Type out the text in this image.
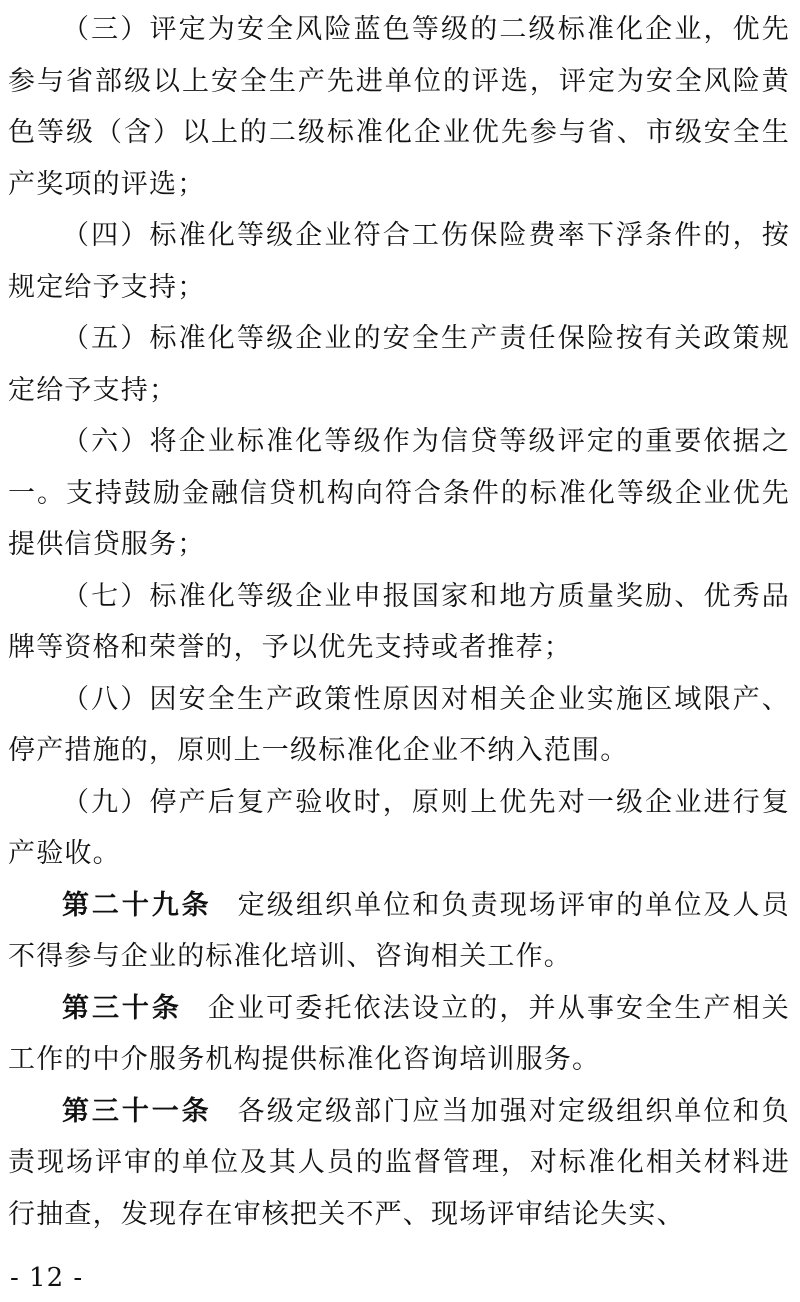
（三）评定为安全风险蓝色等级的二级标准化企业，优先参与省部级以上安全生产先进单位的评选，评定为安全风险黄色等级（含）以上的二级标准化企业优先参与省、市级安全生产奖项的评选；

（四）标准化等级企业符合工伤保险费率下浮条件的，按规定给予支持；

（五）标准化等级企业的安全生产责任保险按有关政策规定给予支持；

（六）将企业标准化等级作为信贷等级评定的重要依据之一。支持鼓励金融信贷机构向符合条件的标准化等级企业优先提供信贷服务；

（七）标准化等级企业申报国家和地方质量奖励、优秀品牌等资格和荣誉的，予以优先支持或者推荐；

（八）因安全生产政策性原因对相关企业实施区域限产、停产措施的，原则上一级标准化企业不纳入范围。

（九）停产后复产验收时，原则上优先对一级企业进行复产验收。

第二十九条 定级组织单位和负责现场评审的单位及人员不得参与企业的标准化培训、咨询相关工作。

第三十条 企业可委托依法设立的，并从事安全生产相关工作的中介服务机构提供标准化咨询培训服务。

第三十一条 各级定级部门应当加强对定级组织单位和负责现场评审的单位及其人员的监督管理，对标准化相关材料进行抽查，发现存在审核把关不严、现场评审结论失实、

- 12 -
